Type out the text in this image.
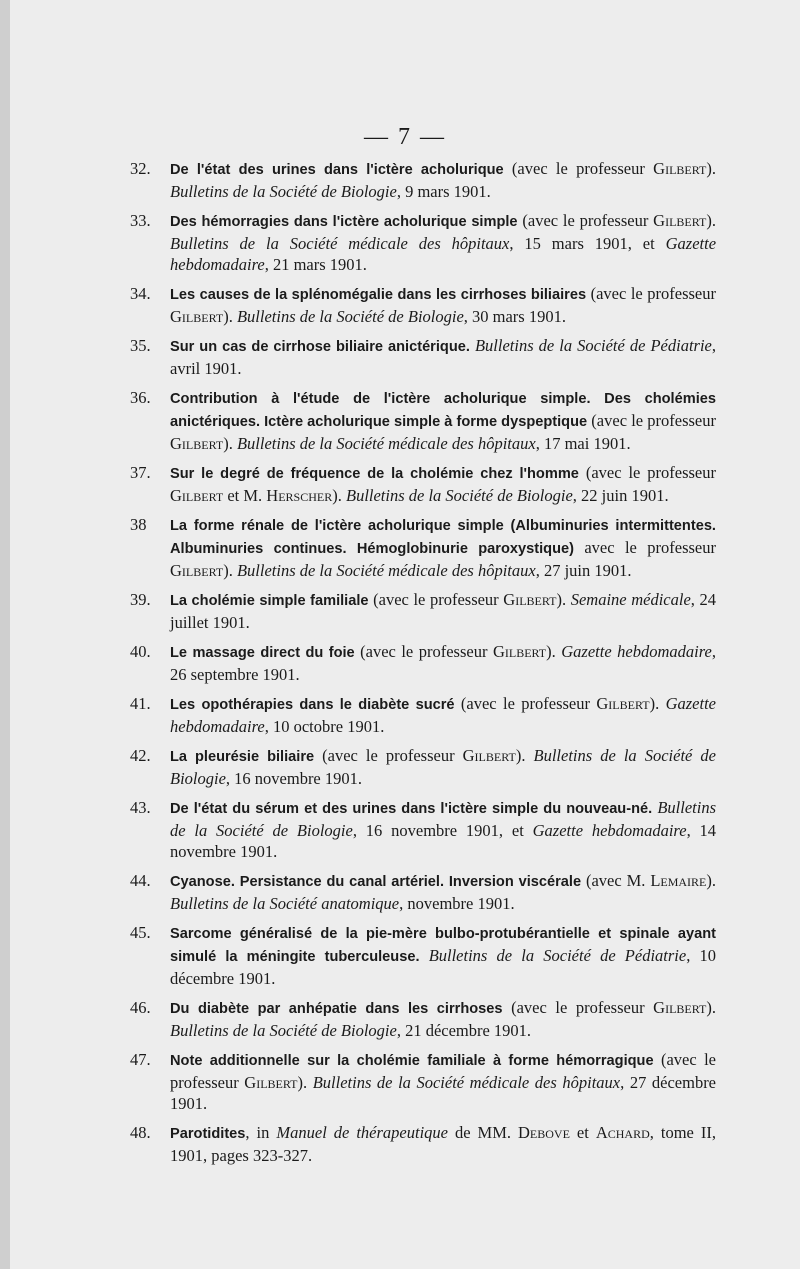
— 7 —
32.	De l'état des urines dans l'ictère acholurique (avec le professeur Gilbert). Bulletins de la Société de Biologie, 9 mars 1901.
33.	Des hémorragies dans l'ictère acholurique simple (avec le professeur Gilbert). Bulletins de la Société médicale des hôpitaux, 15 mars 1901, et Gazette hebdomadaire, 21 mars 1901.
34.	Les causes de la splénomégalie dans les cirrhoses biliaires (avec le professeur Gilbert). Bulletins de la Société de Biologie, 30 mars 1901.
35.	Sur un cas de cirrhose biliaire anictérique. Bulletins de la Société de Pédiatrie, avril 1901.
36.	Contribution à l'étude de l'ictère acholurique simple. Des cholémies anictériques. Ictère acholurique simple à forme dyspeptique (avec le professeur Gilbert). Bulletins de la Société médicale des hôpitaux, 17 mai 1901.
37.	Sur le degré de fréquence de la cholémie chez l'homme (avec le professeur Gilbert et M. Herscher). Bulletins de la Société de Biologie, 22 juin 1901.
38	La forme rénale de l'ictère acholurique simple (Albuminuries intermittentes. Albuminuries continues. Hémoglobinurie paroxystique) avec le professeur Gilbert). Bulletins de la Société médicale des hôpitaux, 27 juin 1901.
39.	La cholémie simple familiale (avec le professeur Gilbert). Semaine médicale, 24 juillet 1901.
40.	Le massage direct du foie (avec le professeur Gilbert). Gazette hebdomadaire, 26 septembre 1901.
41.	Les opothérapies dans le diabète sucré (avec le professeur Gilbert). Gazette hebdomadaire, 10 octobre 1901.
42.	La pleurésie biliaire (avec le professeur Gilbert). Bulletins de la Société de Biologie, 16 novembre 1901.
43.	De l'état du sérum et des urines dans l'ictère simple du nouveau-né. Bulletins de la Société de Biologie, 16 novembre 1901, et Gazette hebdomadaire, 14 novembre 1901.
44.	Cyanose. Persistance du canal artériel. Inversion viscérale (avec M. Lemaire). Bulletins de la Société anatomique, novembre 1901.
45.	Sarcome généralisé de la pie-mère bulbo-protubérantielle et spinale ayant simulé la méningite tuberculeuse. Bulletins de la Société de Pédiatrie, 10 décembre 1901.
46.	Du diabète par anhépatie dans les cirrhoses (avec le professeur Gilbert). Bulletins de la Société de Biologie, 21 décembre 1901.
47.	Note additionnelle sur la cholémie familiale à forme hémorragique (avec le professeur Gilbert). Bulletins de la Société médicale des hôpitaux, 27 décembre 1901.
48.	Parotidites, in Manuel de thérapeutique de MM. Debove et Achard, tome II, 1901, pages 323-327.
